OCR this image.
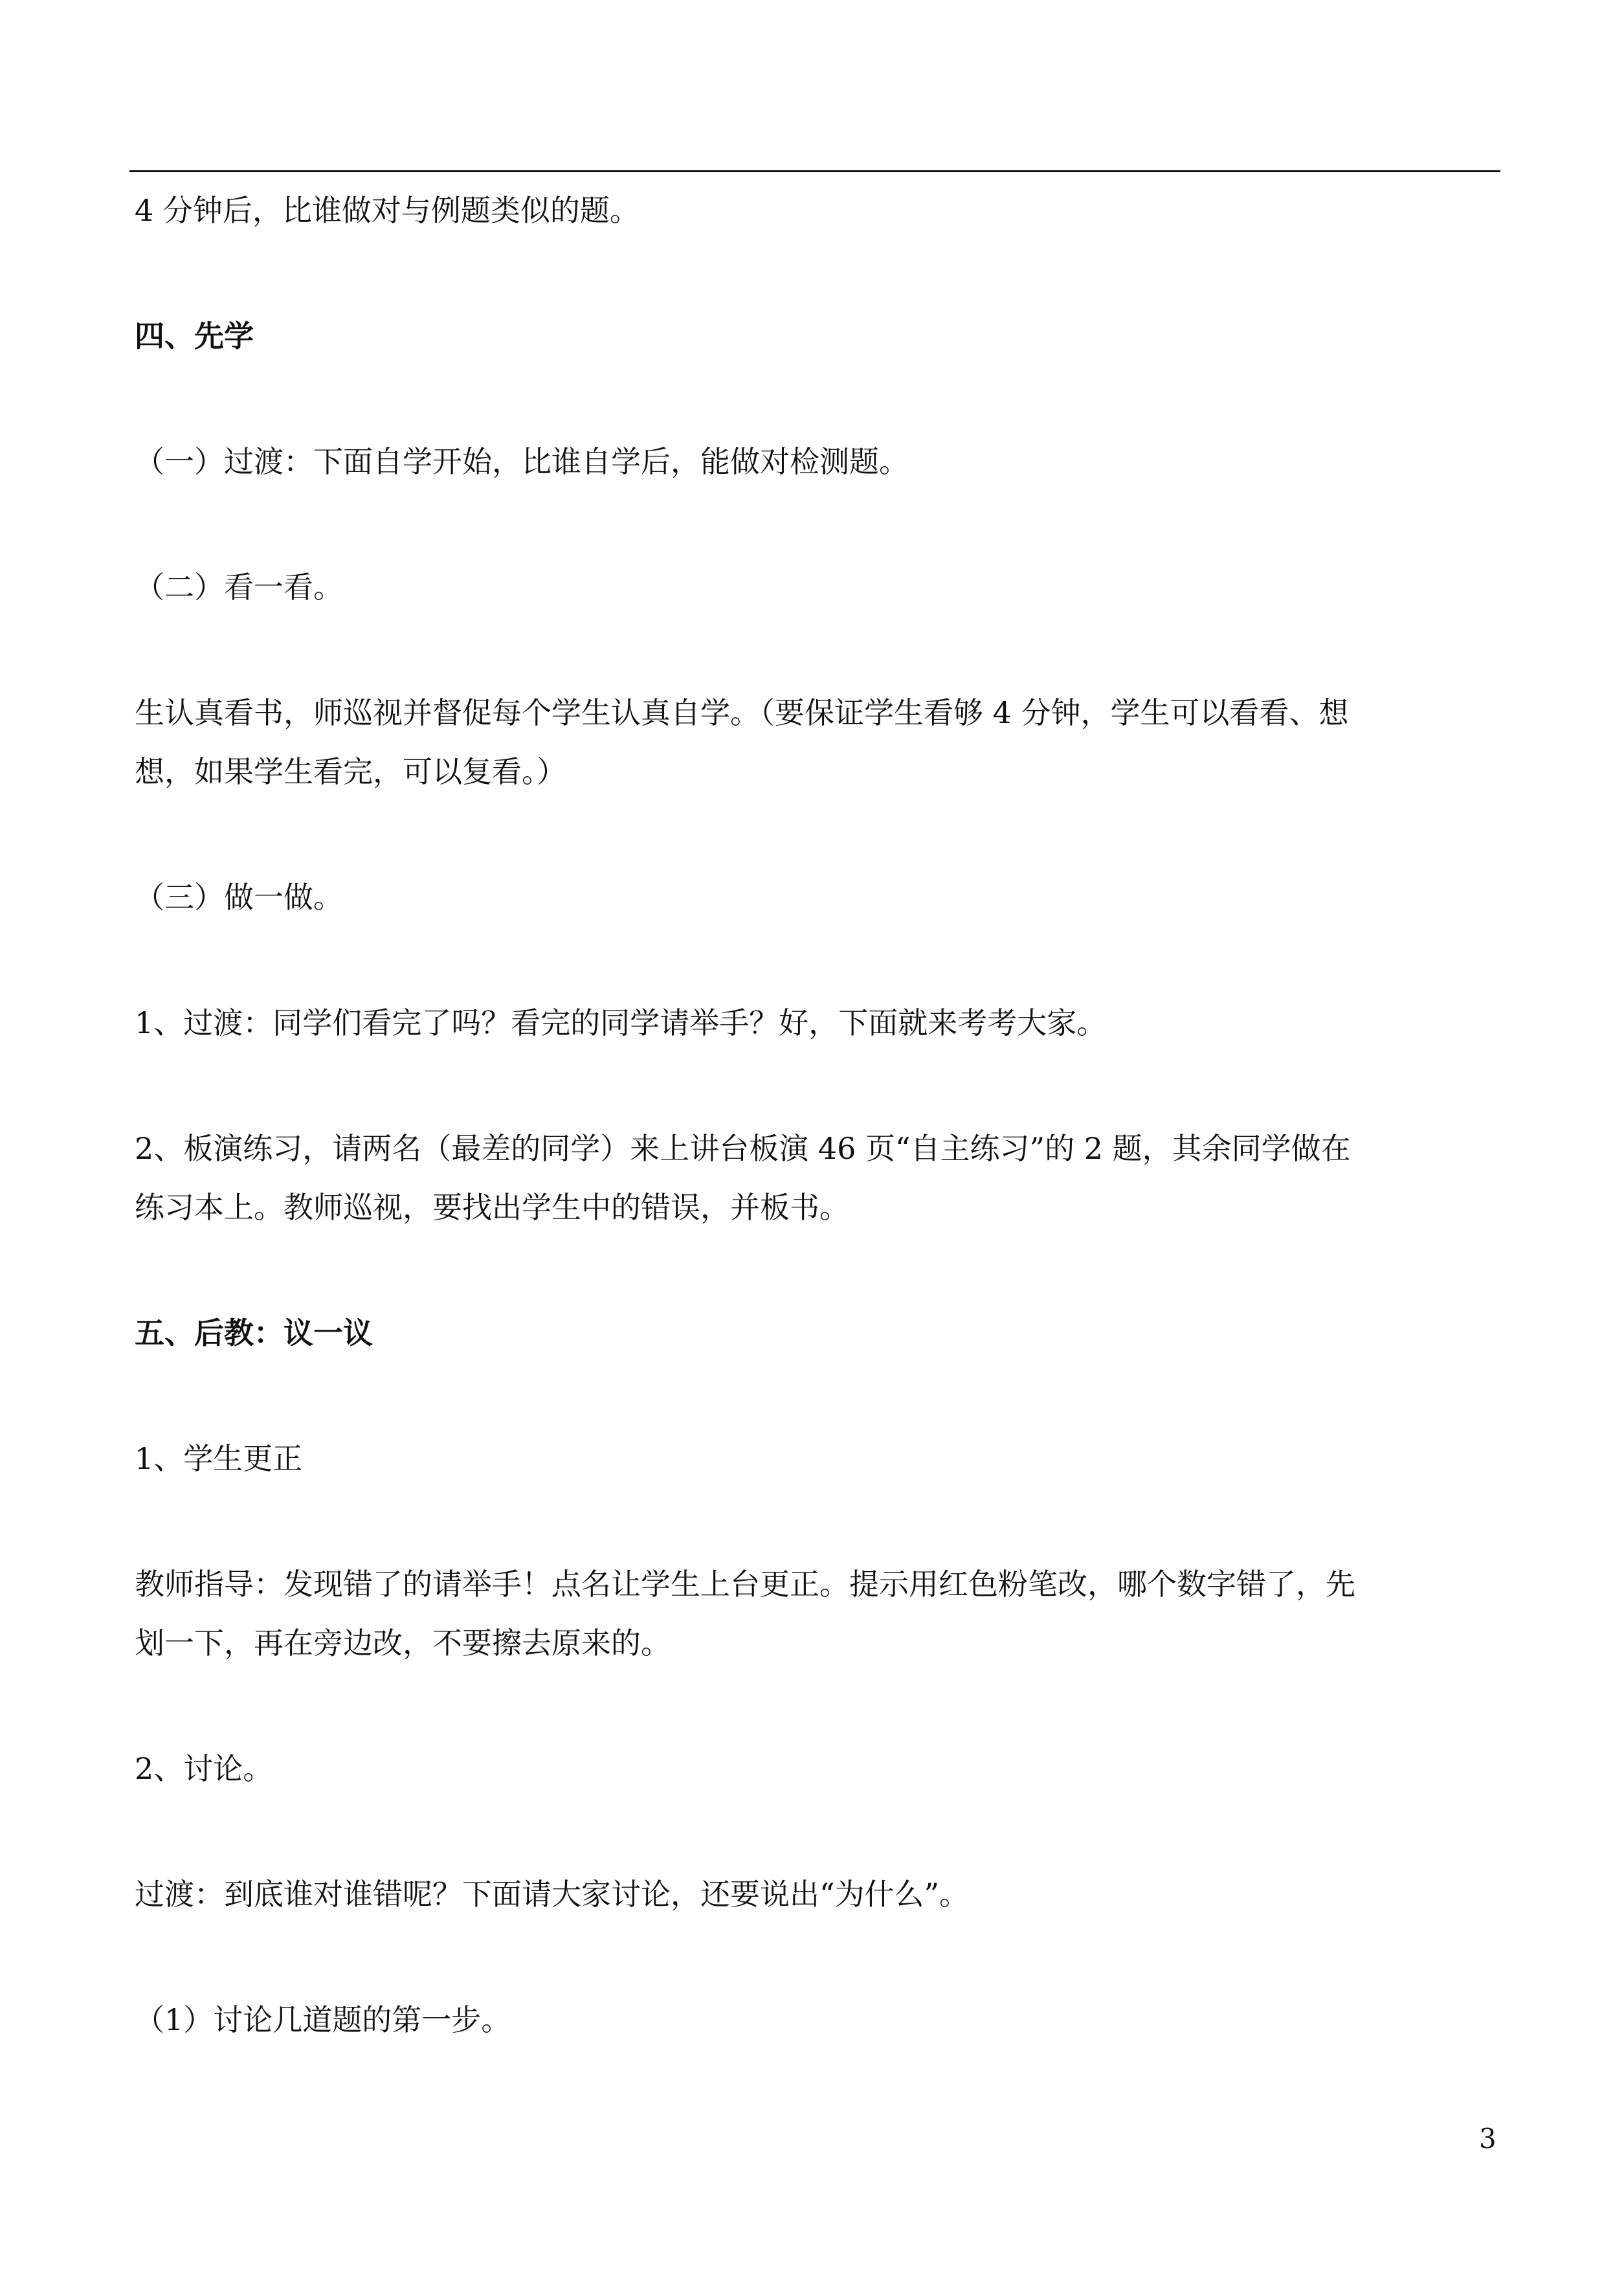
4 分钟后，比谁做对与例题类似的题。

四、先学

（一）过渡：下面自学开始，比谁自学后，能做对检测题。

（二）看一看。

生认真看书，师巡视并督促每个学生认真自学。（要保证学生看够 4 分钟，学生可以看看、想

想，如果学生看完，可以复看。）

（三）做一做。

1、过渡：同学们看完了吗？看完的同学请举手？好，下面就来考考大家。

2、板演练习，请两名（最差的同学）来上讲台板演 46 页“自主练习”的 2 题，其余同学做在

练习本上。教师巡视，要找出学生中的错误，并板书。

五、后教：议一议

1、学生更正

教师指导：发现错了的请举手！点名让学生上台更正。提示用红色粉笔改，哪个数字错了，先

划一下，再在旁边改，不要擦去原来的。

2、讨论。

过渡：到底谁对谁错呢？下面请大家讨论，还要说出“为什么”。

（1）讨论几道题的第一步。

3
